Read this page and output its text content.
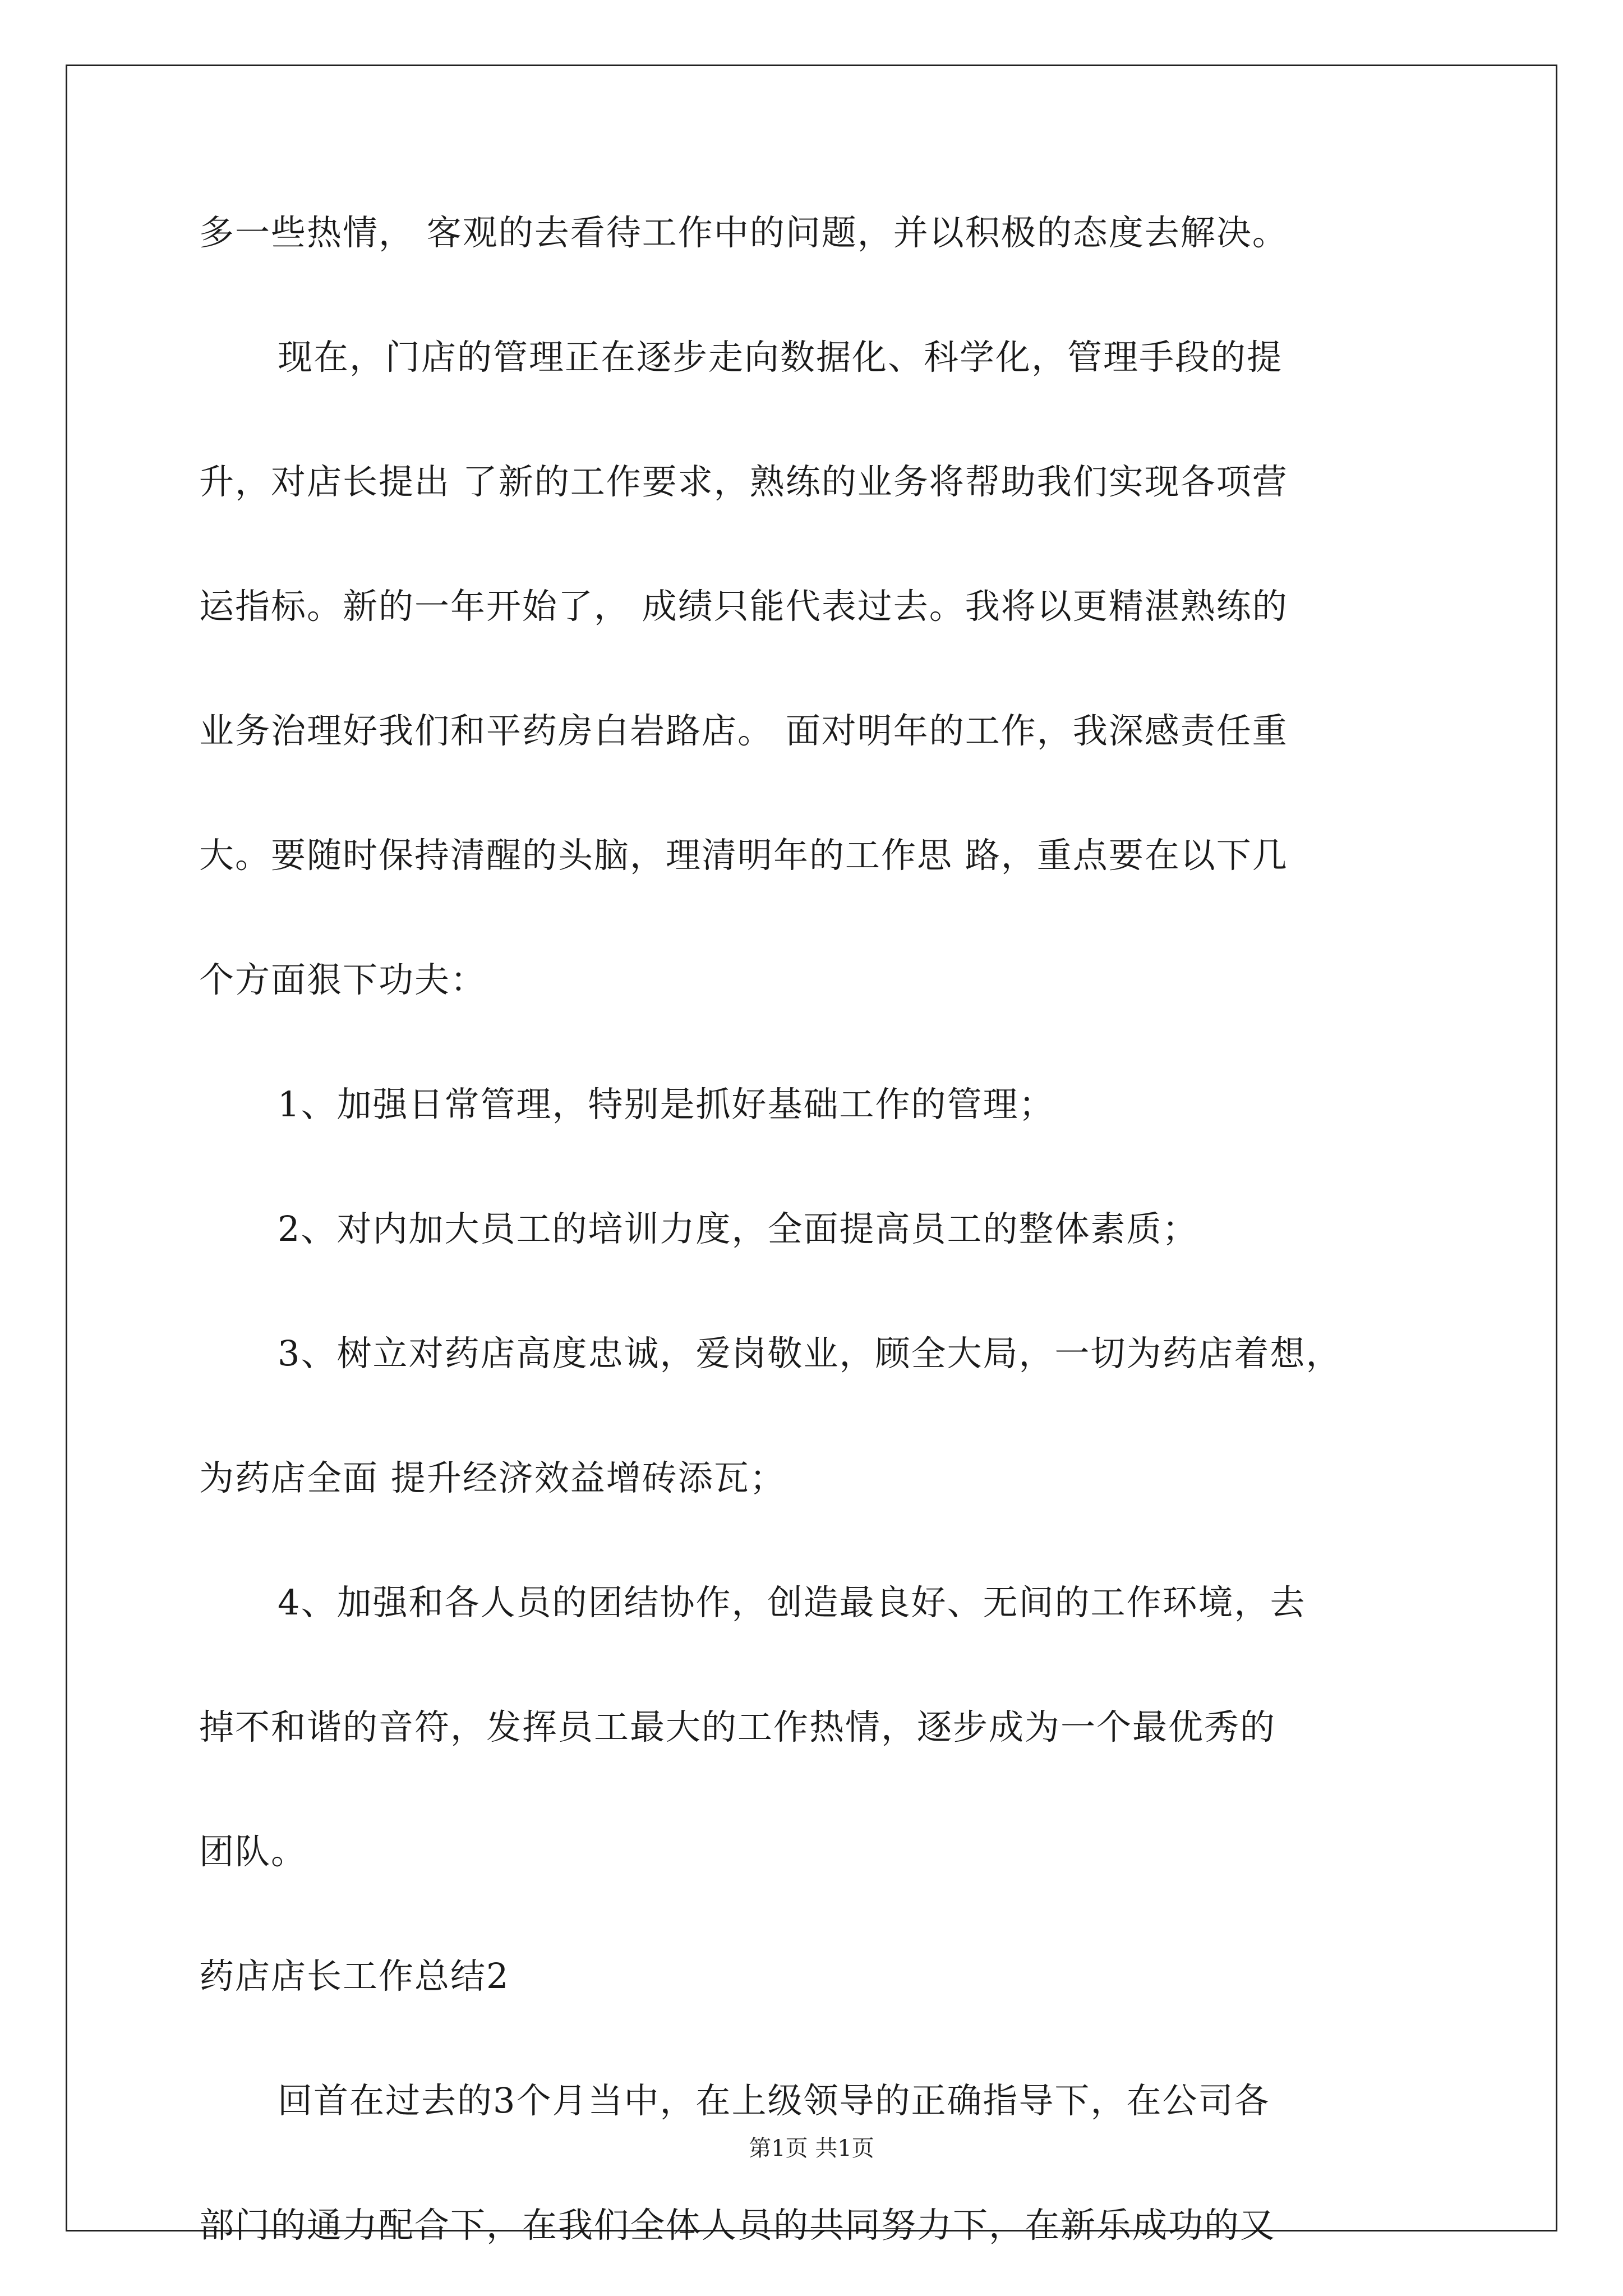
多一些热情， 客观的去看待工作中的问题，并以积极的态度去解决。
现在，门店的管理正在逐步走向数据化、科学化，管理手段的提
升，对店长提出 了新的工作要求，熟练的业务将帮助我们实现各项营
运指标。新的一年开始了， 成绩只能代表过去。我将以更精湛熟练的
业务治理好我们和平药房白岩路店。 面对明年的工作，我深感责任重
大。要随时保持清醒的头脑，理清明年的工作思 路，重点要在以下几
个方面狠下功夫：
1、加强日常管理，特别是抓好基础工作的管理；
2、对内加大员工的培训力度，全面提高员工的整体素质；
3、树立对药店高度忠诚，爱岗敬业，顾全大局，一切为药店着想，
为药店全面 提升经济效益增砖添瓦；
4、加强和各人员的团结协作，创造最良好、无间的工作环境，去
掉不和谐的音符，发挥员工最大的工作热情，逐步成为一个最优秀的
团队。
药店店长工作总结2
回首在过去的3个月当中，在上级领导的正确指导下，在公司各
部门的通力配合下，在我们全体人员的共同努力下，在新乐成功的又
第1页 共1页
